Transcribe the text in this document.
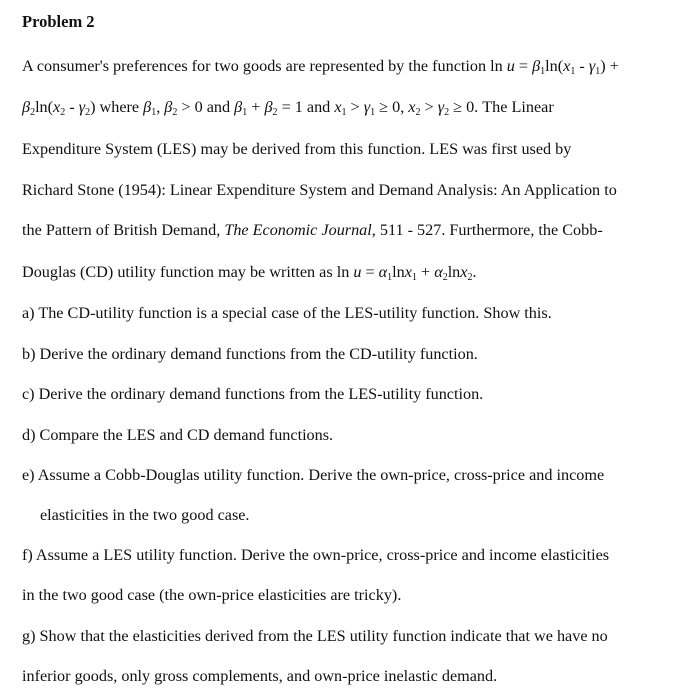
Problem 2
A consumer's preferences for two goods are represented by the function $\ln u = \beta_1\ln(x_1 - \gamma_1)$ +
$\beta_2\ln(x_2 - \gamma_2)$ where $\beta_1$, $\beta_2 > 0$ and $\beta_1 + \beta_2 = 1$ and $x_1 > \gamma_1 \ge 0$, $x_2 > \gamma_2 \ge 0$. The Linear
Expenditure System (LES) may be derived from this function. LES was first used by
Richard Stone (1954): Linear Expenditure System and Demand Analysis: An Application to
the Pattern of British Demand, The Economic Journal, 511 - 527. Furthermore, the Cobb-
Douglas (CD) utility function may be written as $\ln u = \alpha_1\ln x_1 + \alpha_2\ln x_2$.
a) The CD-utility function is a special case of the LES-utility function. Show this.
b) Derive the ordinary demand functions from the CD-utility function.
c) Derive the ordinary demand functions from the LES-utility function.
d) Compare the LES and CD demand functions.
e) Assume a Cobb-Douglas utility function. Derive the own-price, cross-price and income
elasticities in the two good case.
f) Assume a LES utility function. Derive the own-price, cross-price and income elasticities
in the two good case (the own-price elasticities are tricky).
g) Show that the elasticities derived from the LES utility function indicate that we have no
inferior goods, only gross complements, and own-price inelastic demand.
